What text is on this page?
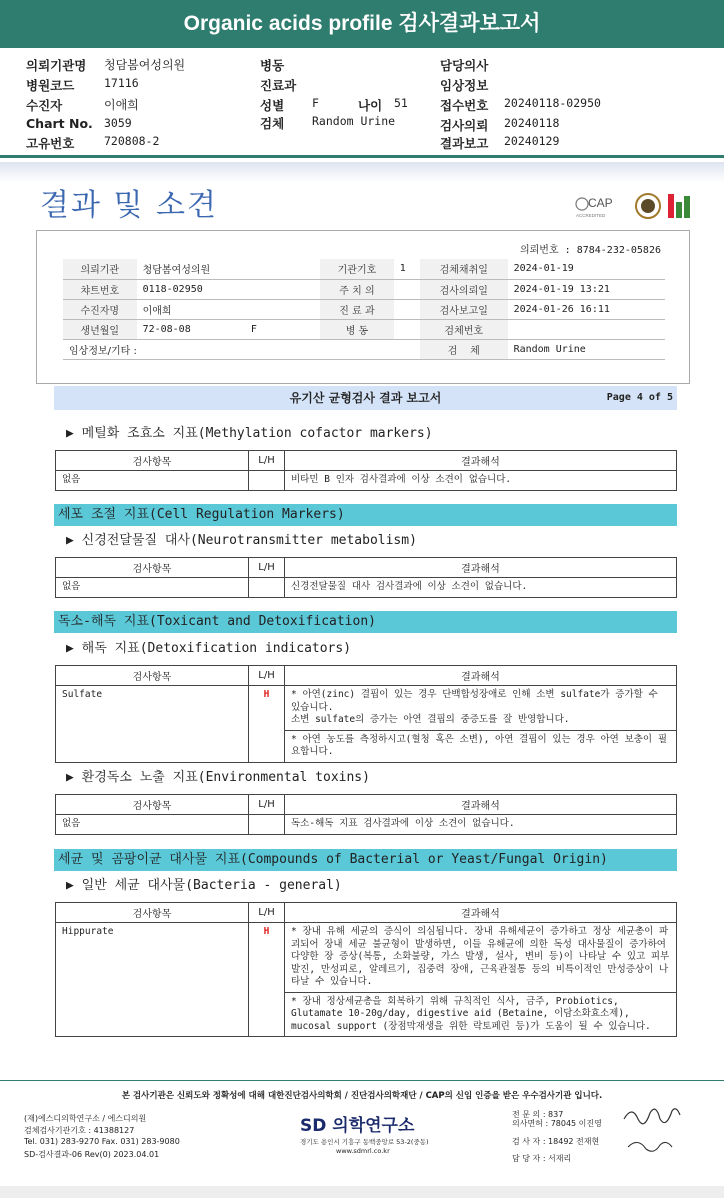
Organic acids profile 검사결과보고서
의뢰기관명 청담봄여성의원
병원코드	17116
수진자	이애희
Chart No. 3059
고유번호	720808-2
병동
진료과
성별 F	나이 51
검체 Random Urine
담당의사
임상정보
접수번호 20240118-02950
검사의뢰 20240118
결과보고 20240129
결과 및 소견	CAP
ACCREDITED
의뢰번호 : 8784-232-05826
의뢰기관	청담봄여성의원	기관기호	1	검체채취일	2024-01-19
챠트번호	0118-02950	주 치 의		검사의뢰일	2024-01-19 13:21
수진자명	이애희	진 료 과		검사보고일	2024-01-26 16:11
생년월일	72-08-08          F	병 동		검체번호	
임상정보/기타 :				검    체	Random Urine
유기산 균형검사 결과 보고서	Page 4 of 5
▶ 메틸화 조효소 지표(Methylation cofactor markers)
검사항목	L/H	결과해석
없음		비타민 B 인자 검사결과에 이상 소견이 없습니다.
세포 조절 지표(Cell Regulation Markers)
▶ 신경전달물질 대사(Neurotransmitter metabolism)
검사항목	L/H	결과해석
없음		신경전달물질 대사 검사결과에 이상 소견이 없습니다.
독소-해독 지표(Toxicant and Detoxification)
▶ 해독 지표(Detoxification indicators)
검사항목	L/H	결과해석
Sulfate	H	* 아연(zinc) 결핍이 있는 경우 단백합성장애로 인해 소변 sulfate가 증가할 수 있습니다.
소변 sulfate의 증가는 아연 결핍의 중증도를 잘 반영합니다.
		* 아연 농도를 측정하시고(혈청 혹은 소변), 아연 결핍이 있는 경우 아연 보충이 필요합니다.
▶ 환경독소 노출 지표(Environmental toxins)
검사항목	L/H	결과해석
없음		독소-해독 지표 검사결과에 이상 소견이 없습니다.
세균 및 곰팡이균 대사물 지표(Compounds of Bacterial or Yeast/Fungal Origin)
▶ 일반 세균 대사물(Bacteria - general)
검사항목	L/H	결과해석
Hippurate	H	* 장내 유해 세균의 증식이 의심됩니다. 장내 유해세균이 증가하고 정상 세균총이 파괴되어 장내 세균 불균형이 발생하면, 이들 유해균에 의한 독성 대사물질이 증가하여 다양한 장 증상(복통, 소화불량, 가스 발생, 설사, 변비 등)이 나타날 수 있고 피부발진, 만성피로, 알레르기, 집중력 장애, 근육관절통 등의 비특이적인 만성증상이 나타날 수 있습니다.
		* 장내 정상세균총을 회복하기 위해 규칙적인 식사, 금주, Probiotics, Glutamate 10-20g/day, digestive aid (Betaine, 이담소화효소제), mucosal support (장점막재생을 위한 락토페린 등)가 도움이 될 수 있습니다.
본 검사기관은 신뢰도와 정확성에 대해 대한진단검사의학회 / 진단검사의학재단 / CAP의 신임 인증을 받은 우수검사기관 입니다.
(재)에스디의학연구소 / 에스디의원
검체검사기관기호 : 41388127
Tel. 031) 283-9270 Fax. 031) 283-9080
SD-검사결과-06 Rev(0) 2023.04.01
SD 의학연구소
경기도 용인시 기흥구 동백중앙로 53-2(중동)
www.sdmrl.co.kr
전 문 의 : 837
의사면허 : 78045 이진영
검 사 자 : 18492 전재현
담 당 자 : 서재리
